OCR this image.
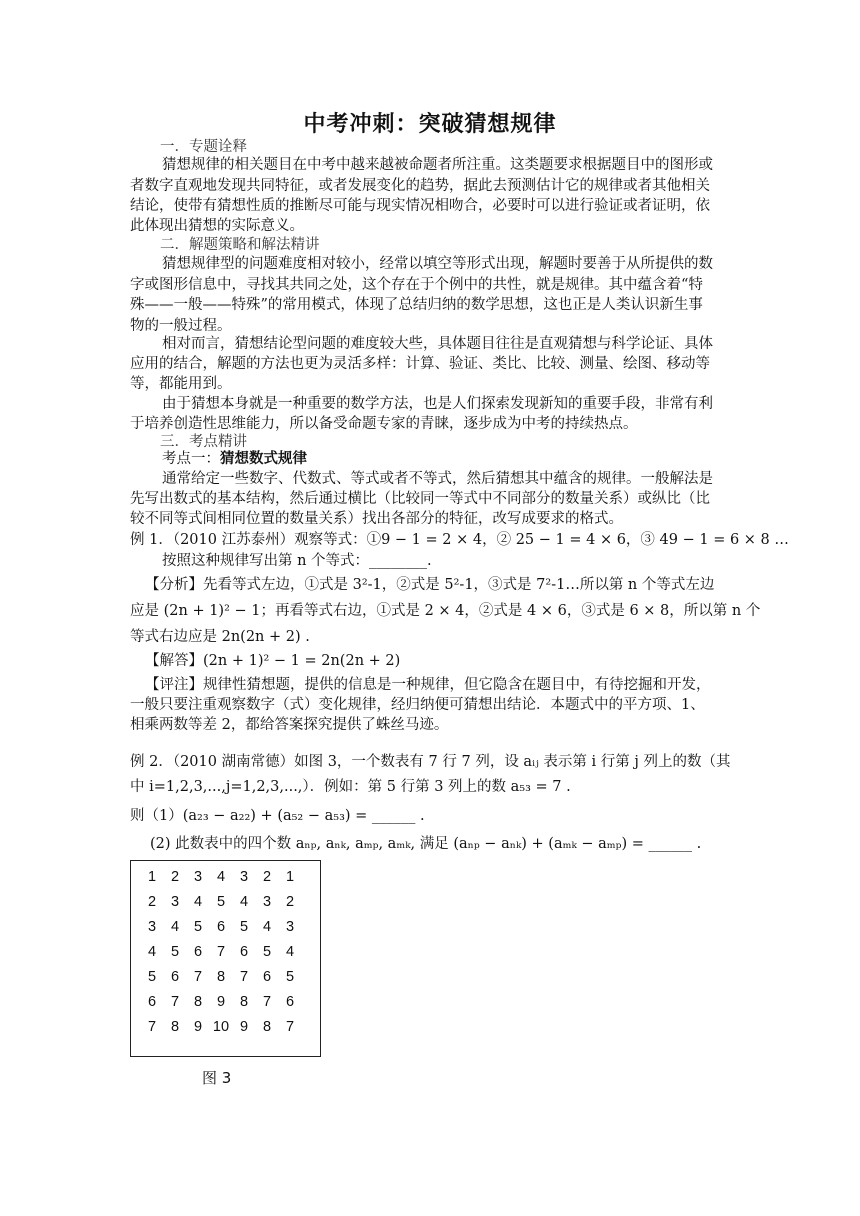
中考冲刺：突破猜想规律
一．专题诠释
猜想规律的相关题目在中考中越来越被命题者所注重。这类题要求根据题目中的图形或
者数字直观地发现共同特征，或者发展变化的趋势，据此去预测估计它的规律或者其他相关
结论，使带有猜想性质的推断尽可能与现实情况相吻合，必要时可以进行验证或者证明，依
此体现出猜想的实际意义。
二．解题策略和解法精讲
猜想规律型的问题难度相对较小，经常以填空等形式出现，解题时要善于从所提供的数
字或图形信息中，寻找其共同之处，这个存在于个例中的共性，就是规律。其中蕴含着“特
殊——一般——特殊”的常用模式，体现了总结归纳的数学思想，这也正是人类认识新生事
物的一般过程。
相对而言，猜想结论型问题的难度较大些，具体题目往往是直观猜想与科学论证、具体
应用的结合，解题的方法也更为灵活多样：计算、验证、类比、比较、测量、绘图、移动等
等，都能用到。
由于猜想本身就是一种重要的数学方法，也是人们探索发现新知的重要手段，非常有利
于培养创造性思维能力，所以备受命题专家的青睐，逐步成为中考的持续热点。
三．考点精讲
考点一：猜想数式规律
通常给定一些数字、代数式、等式或者不等式，然后猜想其中蕴含的规律。一般解法是
先写出数式的基本结构，然后通过横比（比较同一等式中不同部分的数量关系）或纵比（比
较不同等式间相同位置的数量关系）找出各部分的特征，改写成要求的格式。
例 1．（2010 江苏泰州）观察等式：①9 − 1 = 2 × 4，② 25 − 1 = 4 × 6，③ 49 − 1 = 6 × 8 …
按照这种规律写出第 n 个等式：________.
【分析】先看等式左边，①式是 3²-1，②式是 5²-1，③式是 7²-1…所以第 n 个等式左边
应是 (2n + 1)² − 1；再看等式右边，①式是 2 × 4，②式是 4 × 6，③式是 6 × 8，所以第 n 个
等式右边应是 2n(2n + 2) .
【解答】(2n + 1)² − 1 = 2n(2n + 2)
【评注】规律性猜想题，提供的信息是一种规律，但它隐含在题目中，有待挖掘和开发，
一般只要注重观察数字（式）变化规律，经归纳便可猜想出结论．本题式中的平方项、1、
相乘两数等差 2，都给答案探究提供了蛛丝马迹。
例 2．（2010 湖南常德）如图 3，一个数表有 7 行 7 列，设 aᵢⱼ 表示第 i 行第 j 列上的数（其
中 i=1,2,3,...,j=1,2,3,...,）．例如：第 5 行第 3 列上的数 a₅₃ = 7 .
则（1）(a₂₃ − a₂₂) + (a₅₂ − a₅₃) = ______ .
(2) 此数表中的四个数 aₙₚ, aₙₖ, aₘₚ, aₘₖ, 满足 (aₙₚ − aₙₖ) + (aₘₖ − aₘₚ) = ______ .
1	2	3	4	3	2	1
2	3	4	5	4	3	2
3	4	5	6	5	4	3
4	5	6	7	6	5	4
5	6	7	8	7	6	5
6	7	8	9	8	7	6
7	8	9 10 9	8	7
图 3
